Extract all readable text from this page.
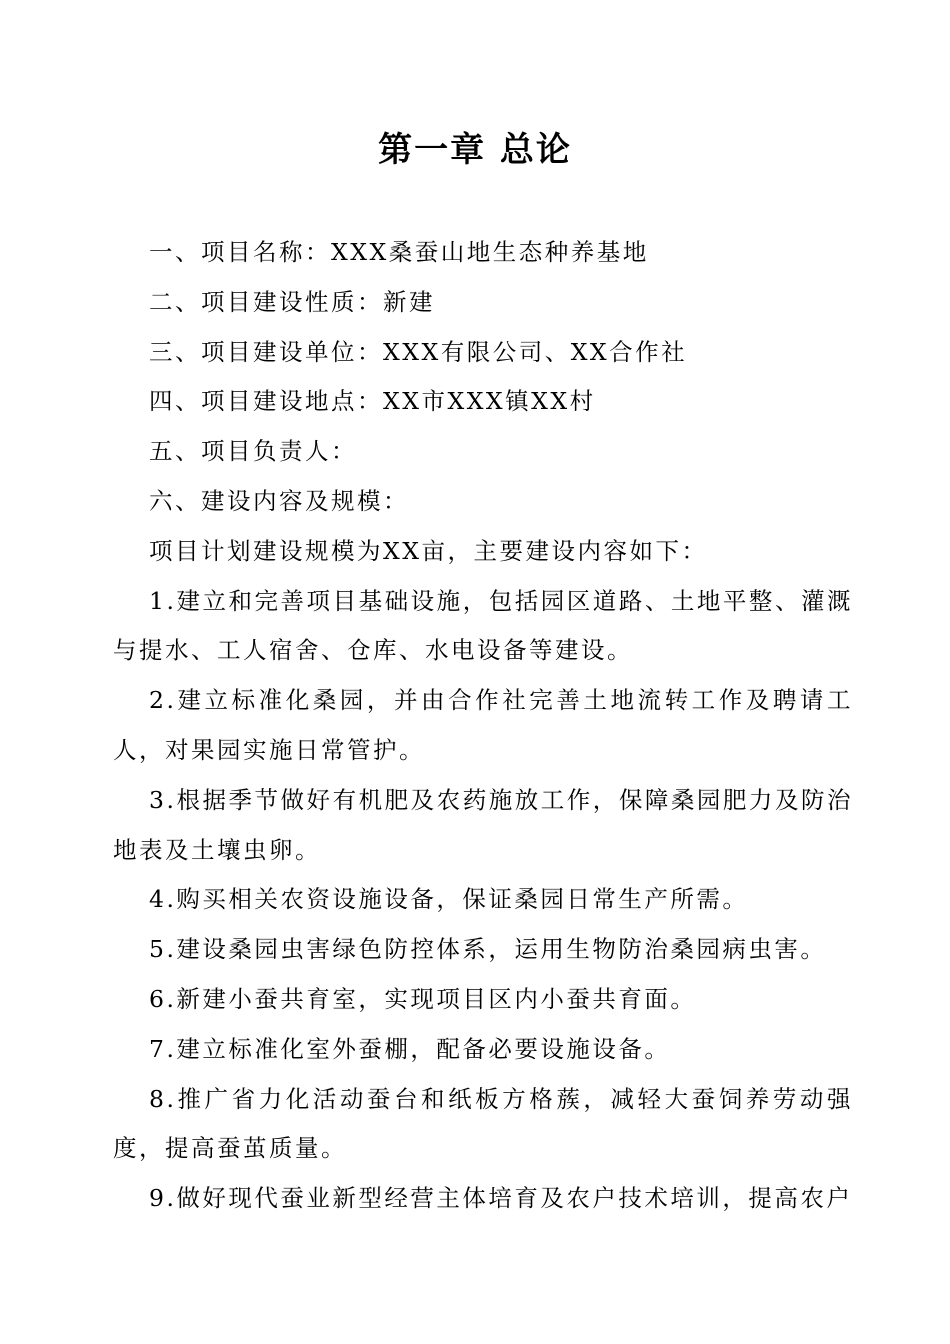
第一章 总论

一、项目名称：XXX桑蚕山地生态种养基地

二、项目建设性质：新建

三、项目建设单位：XXX有限公司、XX合作社

四、项目建设地点：XX市XXX镇XX村

五、项目负责人：

六、建设内容及规模：

项目计划建设规模为XX亩，主要建设内容如下：

1.建立和完善项目基础设施，包括园区道路、土地平整、灌溉与提水、工人宿舍、仓库、水电设备等建设。

2.建立标准化桑园，并由合作社完善土地流转工作及聘请工人，对果园实施日常管护。

3.根据季节做好有机肥及农药施放工作，保障桑园肥力及防治地表及土壤虫卵。

4.购买相关农资设施设备，保证桑园日常生产所需。

5.建设桑园虫害绿色防控体系，运用生物防治桑园病虫害。

6.新建小蚕共育室，实现项目区内小蚕共育面。

7.建立标准化室外蚕棚，配备必要设施设备。

8.推广省力化活动蚕台和纸板方格蔟，减轻大蚕饲养劳动强度，提高蚕茧质量。

9.做好现代蚕业新型经营主体培育及农户技术培训，提高农户
